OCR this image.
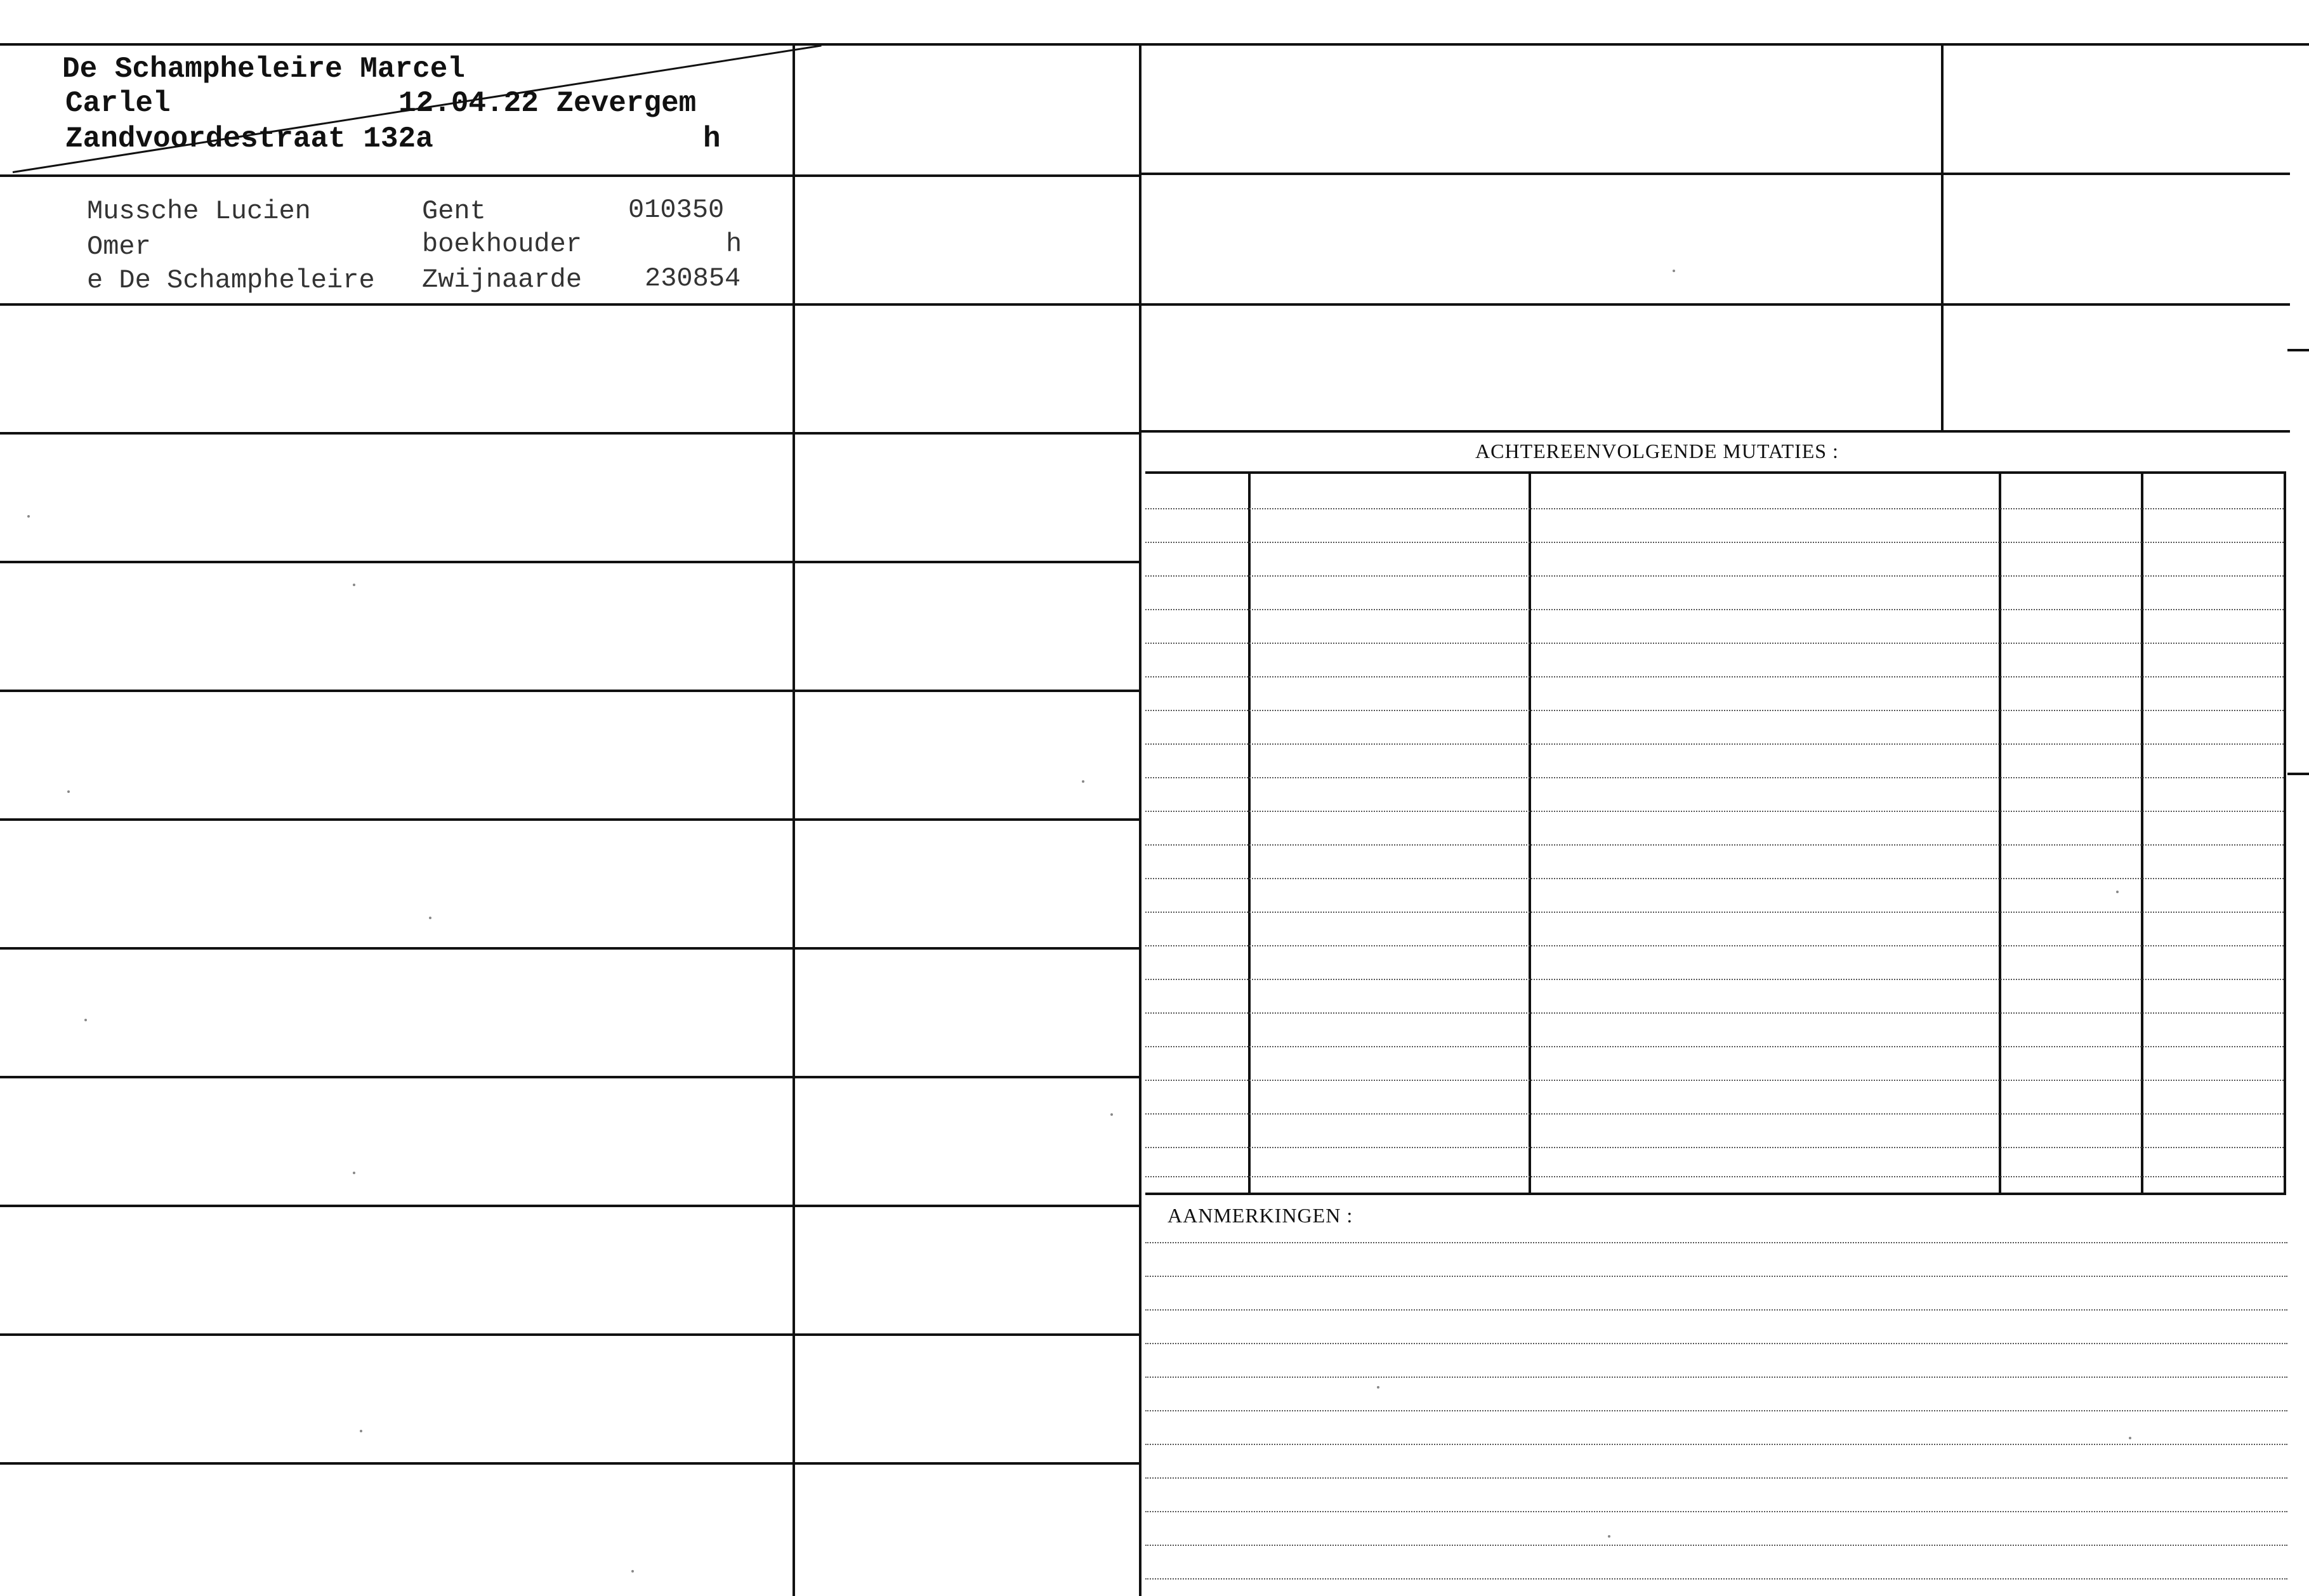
ACHTEREENVOLGENDE MUTATIES :
AANMERKINGEN :
De Schampheleire Marcel
Carlel	12.04.22 Zevergem
Zandvoordestraat 132a	h
Mussche Lucien
Omer
e De Schampheleire
Gent
boekhouder
Zwijnaarde
010350
h
230854
